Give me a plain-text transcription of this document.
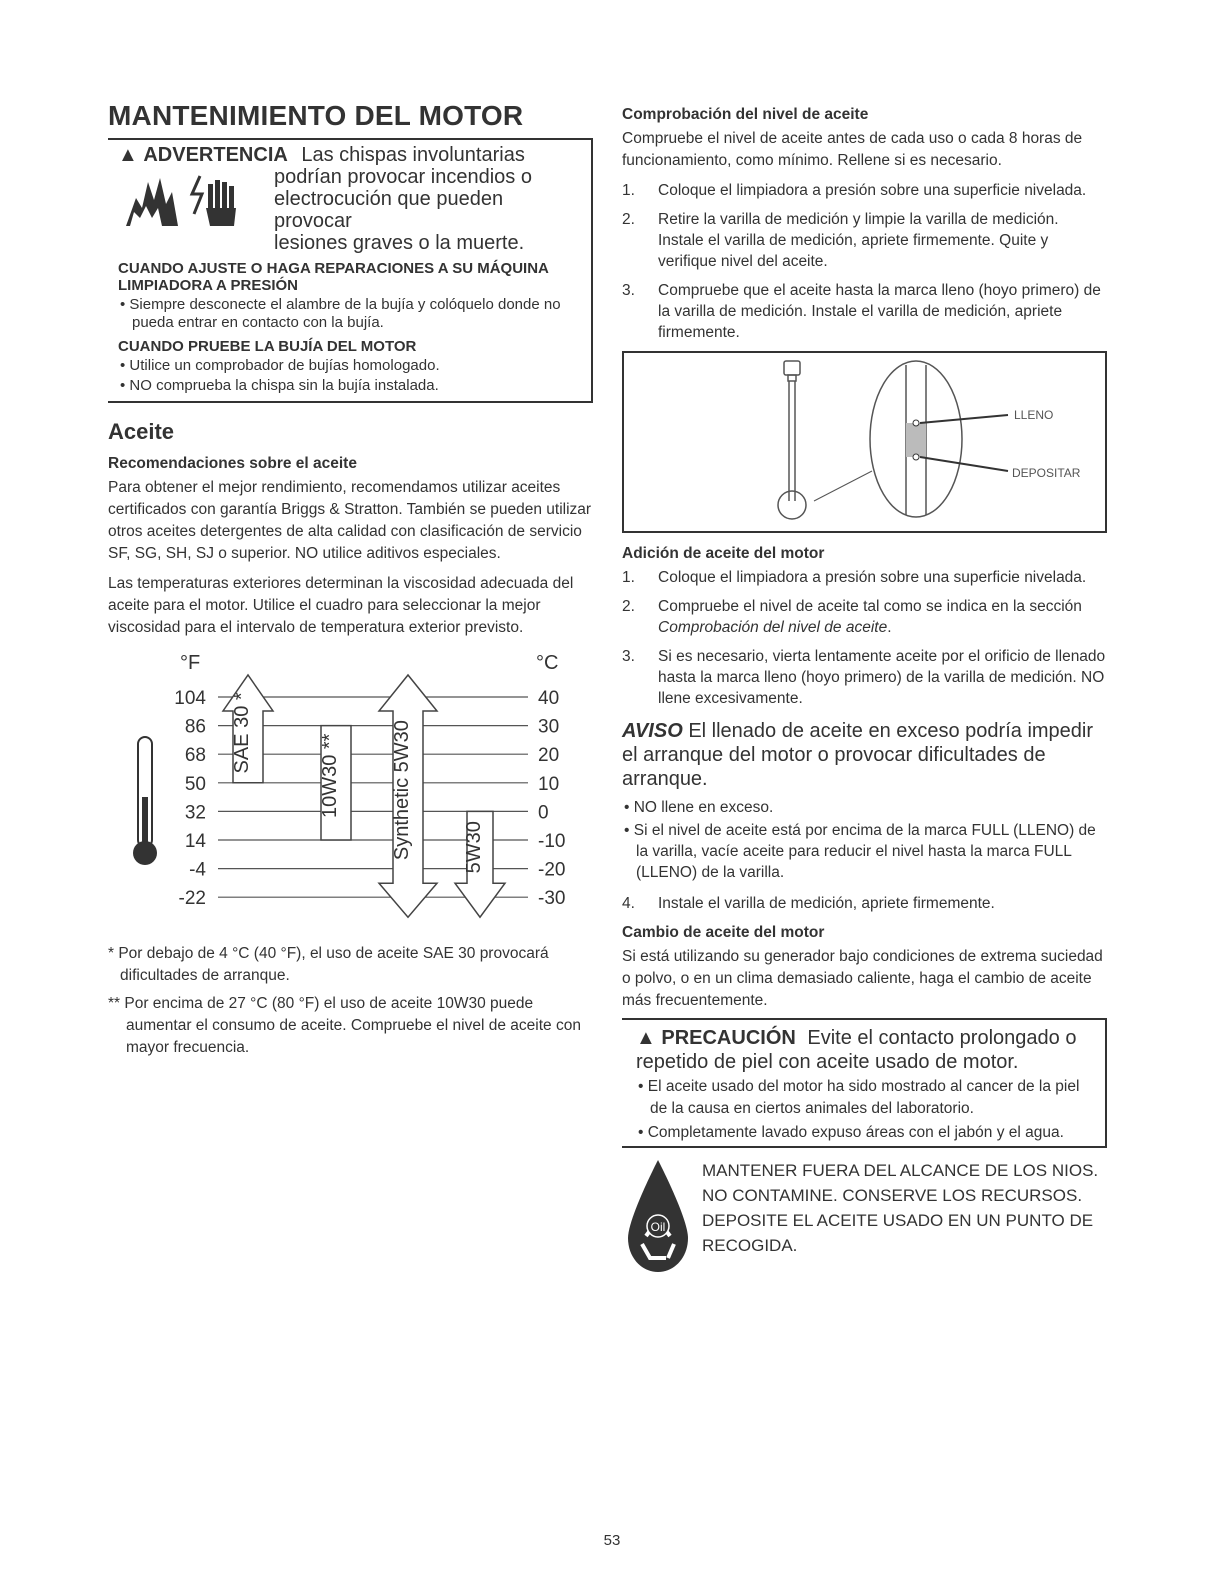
MANTENIMIENTO DEL MOTOR
▲ ADVERTENCIA Las chispas involuntarias
podrían provocar incendios o
electrocución que pueden provocar
lesiones graves o la muerte.
CUANDO AJUSTE O HAGA REPARACIONES A SU MÁQUINA LIMPIADORA A PRESIÓN
• Siempre desconecte el alambre de la bujía y colóquelo donde no pueda entrar en contacto con la bujía.
CUANDO PRUEBE LA BUJÍA DEL MOTOR
• Utilice un comprobador de bujías homologado.
• NO comprueba la chispa sin la bujía instalada.
Aceite
Recomendaciones sobre el aceite

Para obtener el mejor rendimiento, recomendamos utilizar aceites certificados con garantía Briggs & Stratton. También se pueden utilizar otros aceites detergentes de alta calidad con clasificación de servicio SF, SG, SH, SJ o superior. NO utilice aditivos especiales.

Las temperaturas exteriores determinan la viscosidad adecuada del aceite para el motor. Utilice el cuadro para seleccionar la mejor viscosidad para el intervalo de temperatura exterior previsto.

°F	°C
104	40
86	30
68	20
50	10
32	0
14	-10
-4	-20
-22	-30
SAE 30 *
10W30 **	Synthetic 5W30	5W30
* Por debajo de 4 °C (40 °F), el uso de aceite SAE 30 provocará dificultades de arranque.
** Por encima de 27 °C (80 °F) el uso de aceite 10W30 puede aumentar el consumo de aceite. Compruebe el nivel de aceite con mayor frecuencia.
Comprobación del nivel de aceite

Compruebe el nivel de aceite antes de cada uso o cada 8 horas de funcionamiento, como mínimo. Rellene si es necesario.

1.	Coloque el limpiadora a presión sobre una superficie nivelada.
2.	Retire la varilla de medición y limpie la varilla de medición. Instale el varilla de medición, apriete firmemente. Quite y verifique nivel del aceite.
3.	Compruebe que el aceite hasta la marca lleno (hoyo primero) de la varilla de medición. Instale el varilla de medición, apriete firmemente.
LLENO
DEPOSITAR
Adición de aceite del motor
1.	Coloque el limpiadora a presión sobre una superficie nivelada.
2.	Compruebe el nivel de aceite tal como se indica en la sección Comprobación del nivel de aceite.
3.	Si es necesario, vierta lentamente aceite por el orificio de llenado hasta la marca lleno (hoyo primero) de la varilla de medición. NO llene excesivamente.
AVISO El llenado de aceite en exceso podría impedir el arranque del motor o provocar dificultades de arranque.
• NO llene en exceso.
• Si el nivel de aceite está por encima de la marca FULL (LLENO) de la varilla, vacíe aceite para reducir el nivel hasta la marca FULL (LLENO) de la varilla.
4.	Instale el varilla de medición, apriete firmemente.
Cambio de aceite del motor

Si está utilizando su generador bajo condiciones de extrema suciedad o polvo, o en un clima demasiado caliente, haga el cambio de aceite más frecuentemente.

▲ PRECAUCIÓN Evite el contacto prolongado o repetido de piel con aceite usado de motor.
• El aceite usado del motor ha sido mostrado al cancer de la piel de la causa en ciertos animales del laboratorio.
• Completamente lavado expuso áreas con el jabón y el agua.
Oil
MANTENER FUERA DEL ALCANCE DE LOS NIOS.
NO CONTAMINE. CONSERVE LOS RECURSOS.
DEPOSITE EL ACEITE USADO EN UN PUNTO DE
RECOGIDA.
53
